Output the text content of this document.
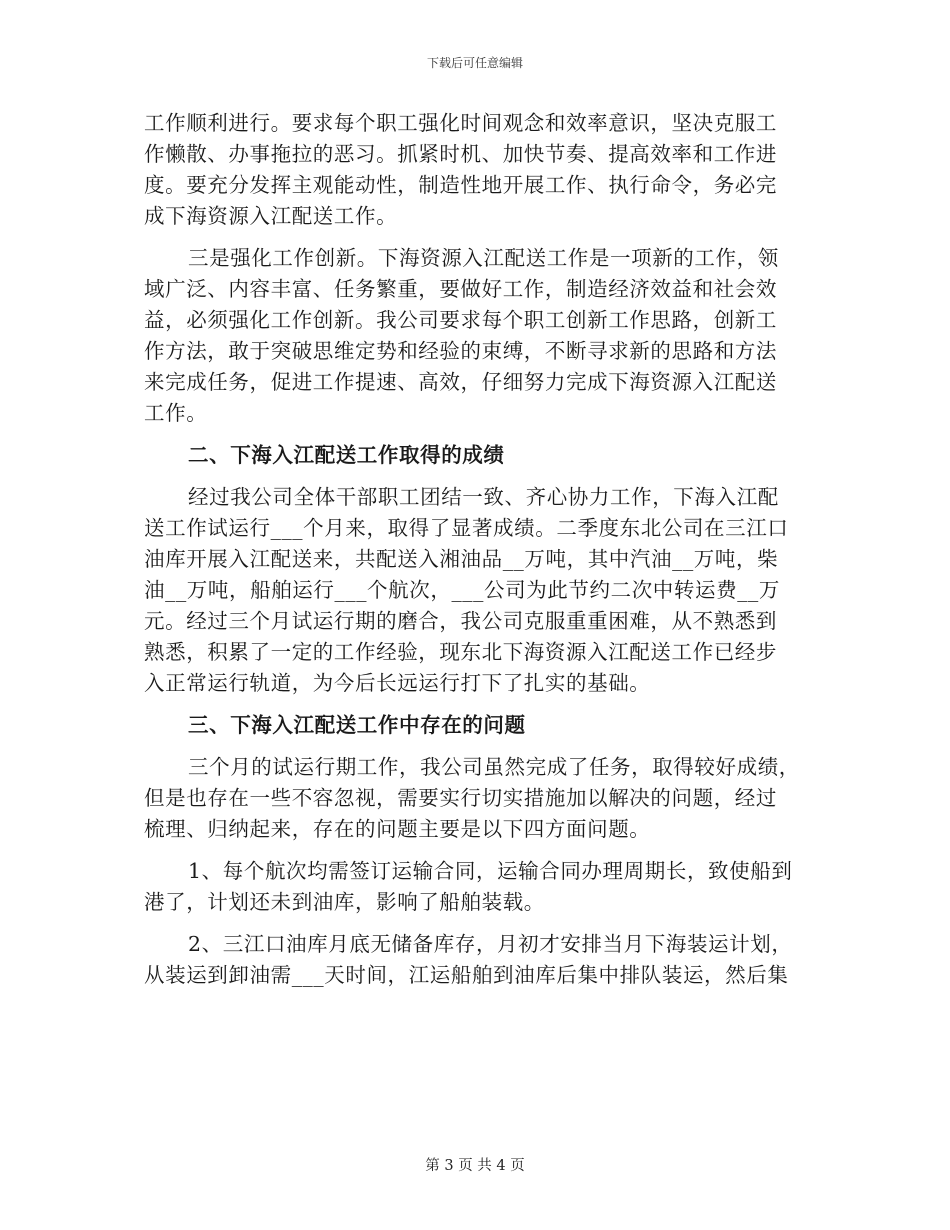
下载后可任意编辑
工作顺利进行。要求每个职工强化时间观念和效率意识，坚决克服工
作懒散、办事拖拉的恶习。抓紧时机、加快节奏、提高效率和工作进
度。要充分发挥主观能动性，制造性地开展工作、执行命令，务必完
成下海资源入江配送工作。
三是强化工作创新。下海资源入江配送工作是一项新的工作，领
域广泛、内容丰富、任务繁重，要做好工作，制造经济效益和社会效
益，必须强化工作创新。我公司要求每个职工创新工作思路，创新工
作方法，敢于突破思维定势和经验的束缚，不断寻求新的思路和方法
来完成任务，促进工作提速、高效，仔细努力完成下海资源入江配送
工作。
二、下海入江配送工作取得的成绩
经过我公司全体干部职工团结一致、齐心协力工作，下海入江配
送工作试运行___个月来，取得了显著成绩。二季度东北公司在三江口
油库开展入江配送来，共配送入湘油品__万吨，其中汽油__万吨，柴
油__万吨，船舶运行___个航次，___公司为此节约二次中转运费__万
元。经过三个月试运行期的磨合，我公司克服重重困难，从不熟悉到
熟悉，积累了一定的工作经验，现东北下海资源入江配送工作已经步
入正常运行轨道，为今后长远运行打下了扎实的基础。
三、下海入江配送工作中存在的问题
三个月的试运行期工作，我公司虽然完成了任务，取得较好成绩，
但是也存在一些不容忽视，需要实行切实措施加以解决的问题，经过
梳理、归纳起来，存在的问题主要是以下四方面问题。
1、每个航次均需签订运输合同，运输合同办理周期长，致使船到
港了，计划还未到油库，影响了船舶装载。
2、三江口油库月底无储备库存，月初才安排当月下海装运计划，
从装运到卸油需___天时间，江运船舶到油库后集中排队装运，然后集
第 3 页 共 4 页
